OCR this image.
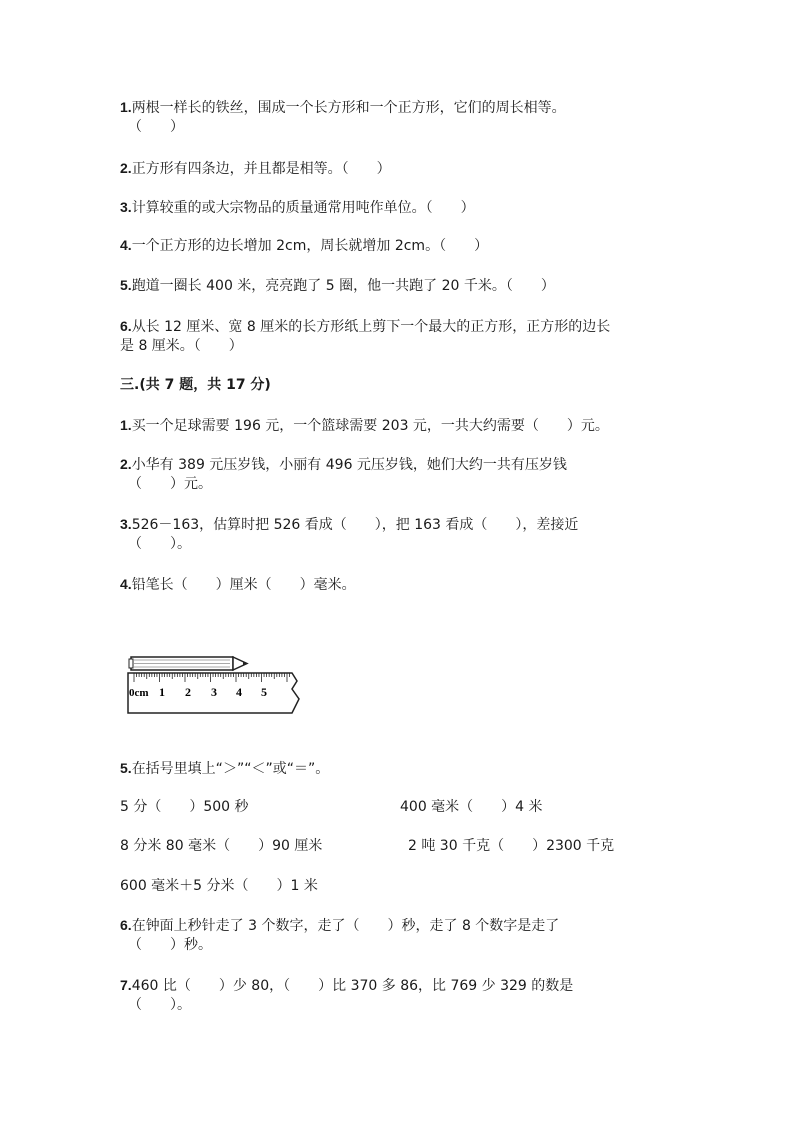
1.两根一样长的铁丝，围成一个长方形和一个正方形，它们的周长相等。
（　　）
2.正方形有四条边，并且都是相等。（　　）
3.计算较重的或大宗物品的质量通常用吨作单位。（　　）
4.一个正方形的边长增加 2cm，周长就增加 2cm。（　　）
5.跑道一圈长 400 米，亮亮跑了 5 圈，他一共跑了 20 千米。（　　）
6.从长 12 厘米、宽 8 厘米的长方形纸上剪下一个最大的正方形，正方形的边长
是 8 厘米。（　　）
三.(共 7 题，共 17 分)
1.买一个足球需要 196 元，一个篮球需要 203 元，一共大约需要（　　）元。
2.小华有 389 元压岁钱，小丽有 496 元压岁钱，她们大约一共有压岁钱
（　　）元。
3.526－163，估算时把 526 看成（　　），把 163 看成（　　），差接近
（　　）。
4.铅笔长（　　）厘米（　　）毫米。
0cm 1 2 3 4 5
5.在括号里填上“＞”“＜”或“＝”。
5 分（　　）500 秒	400 毫米（　　）4 米
8 分米 80 毫米（　　）90 厘米	2 吨 30 千克（　　）2300 千克
600 毫米＋5 分米（　　）1 米
6.在钟面上秒针走了 3 个数字，走了（　　）秒，走了 8 个数字是走了
（　　）秒。
7.460 比（　　）少 80，（　　）比 370 多 86，比 769 少 329 的数是
（　　）。
